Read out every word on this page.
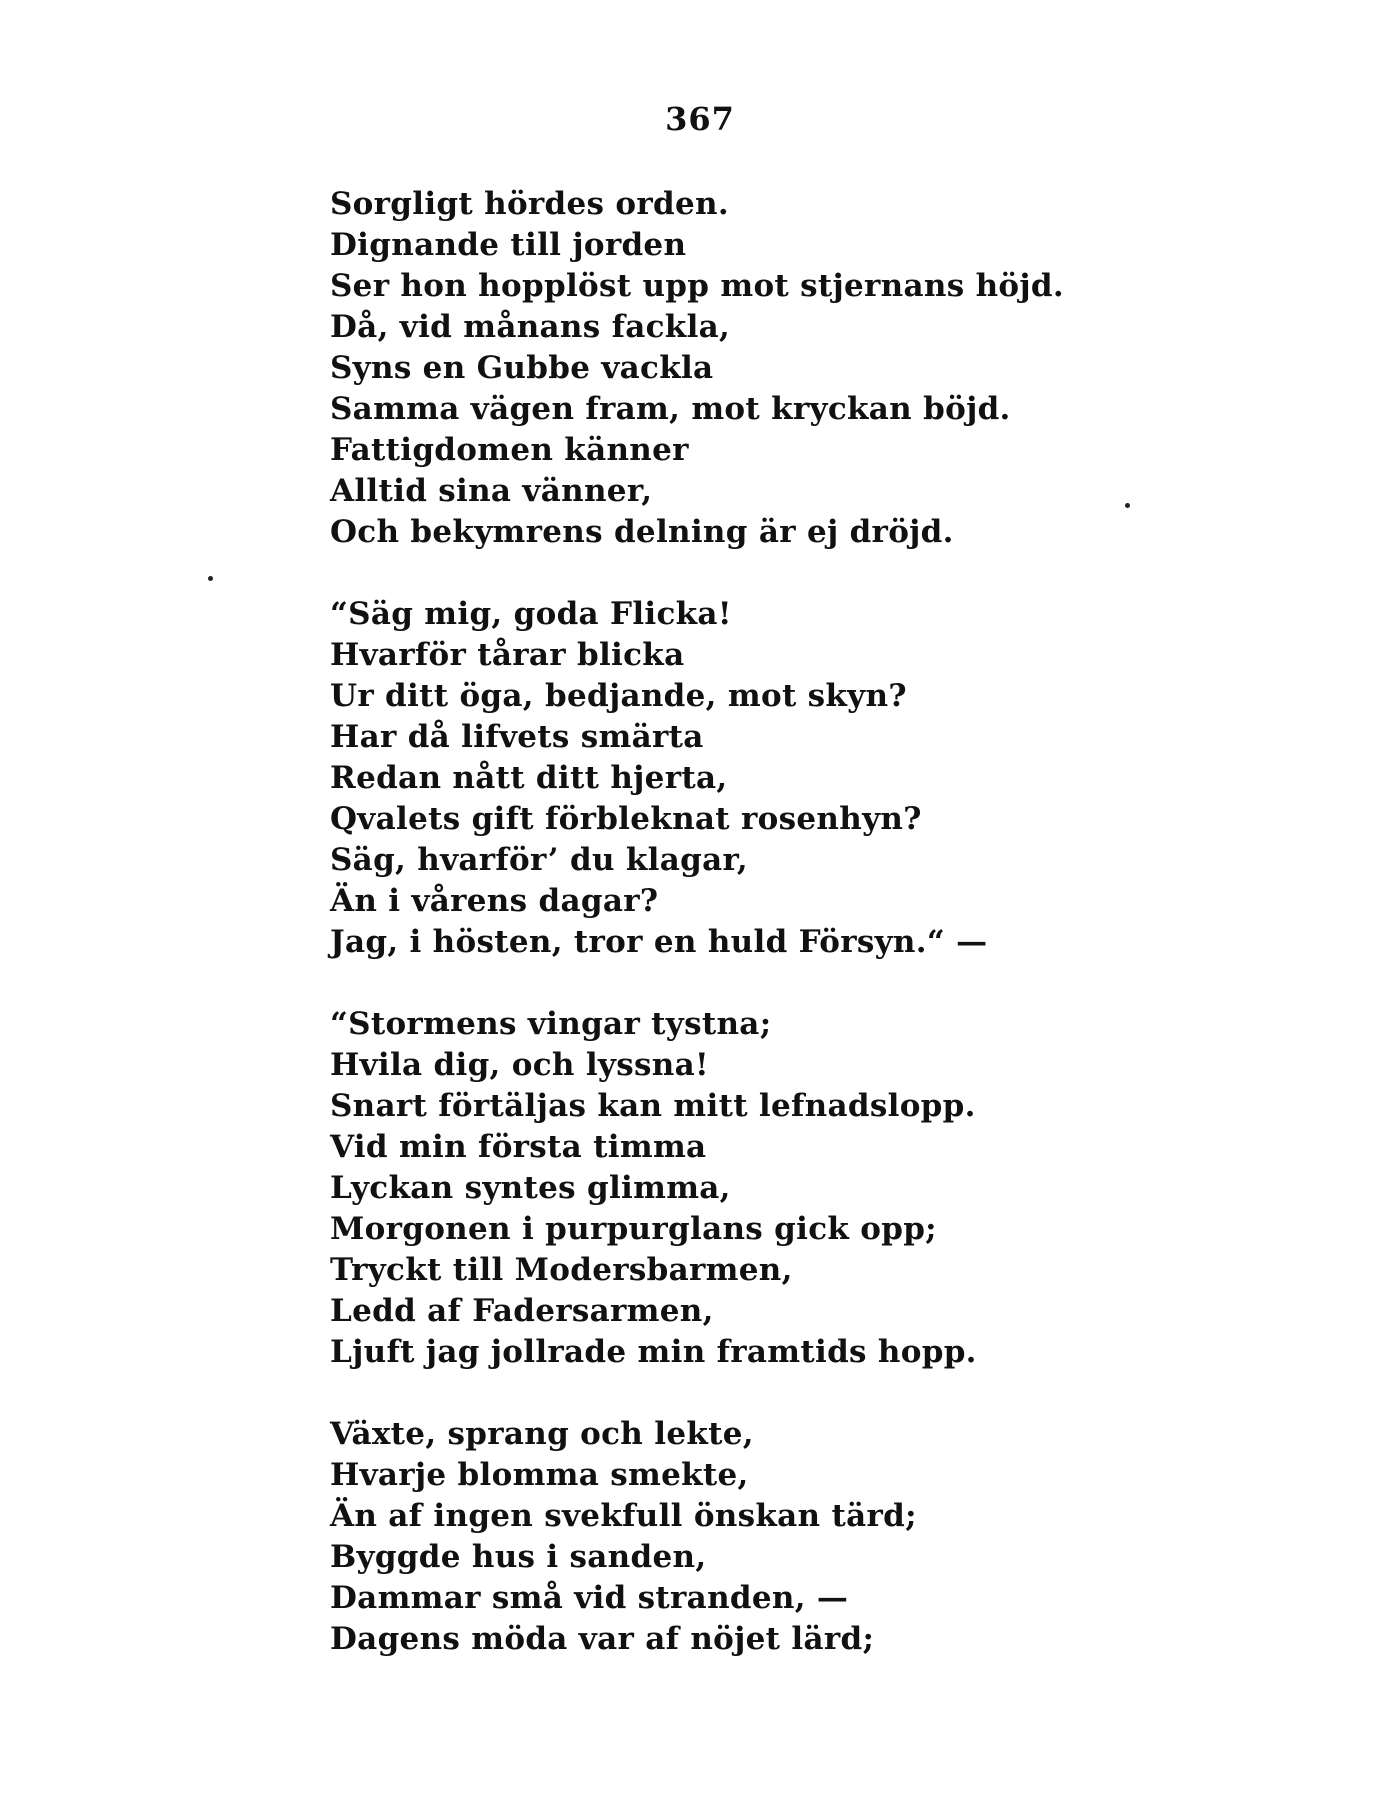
367
Sorgligt hördes orden.
Dignande till jorden
Ser hon hopplöst upp mot stjernans höjd.
Då, vid månans fackla,
Syns en Gubbe vackla
Samma vägen fram, mot kryckan böjd.
Fattigdomen känner
Alltid sina vänner,
Och bekymrens delning är ej dröjd.
“Säg mig, goda Flicka!
Hvarför tårar blicka
Ur ditt öga, bedjande, mot skyn?
Har då lifvets smärta
Redan nått ditt hjerta,
Qvalets gift förbleknat rosenhyn?
Säg, hvarför’ du klagar,
Än i vårens dagar?
Jag, i hösten, tror en huld Försyn.“ —
“Stormens vingar tystna;
Hvila dig, och lyssna!
Snart förtäljas kan mitt lefnadslopp.
Vid min första timma
Lyckan syntes glimma,
Morgonen i purpurglans gick opp;
Tryckt till Modersbarmen,
Ledd af Fadersarmen,
Ljuft jag jollrade min framtids hopp.
Växte, sprang och lekte,
Hvarje blomma smekte,
Än af ingen svekfull önskan tärd;
Byggde hus i sanden,
Dammar små vid stranden, —
Dagens möda var af nöjet lärd;
